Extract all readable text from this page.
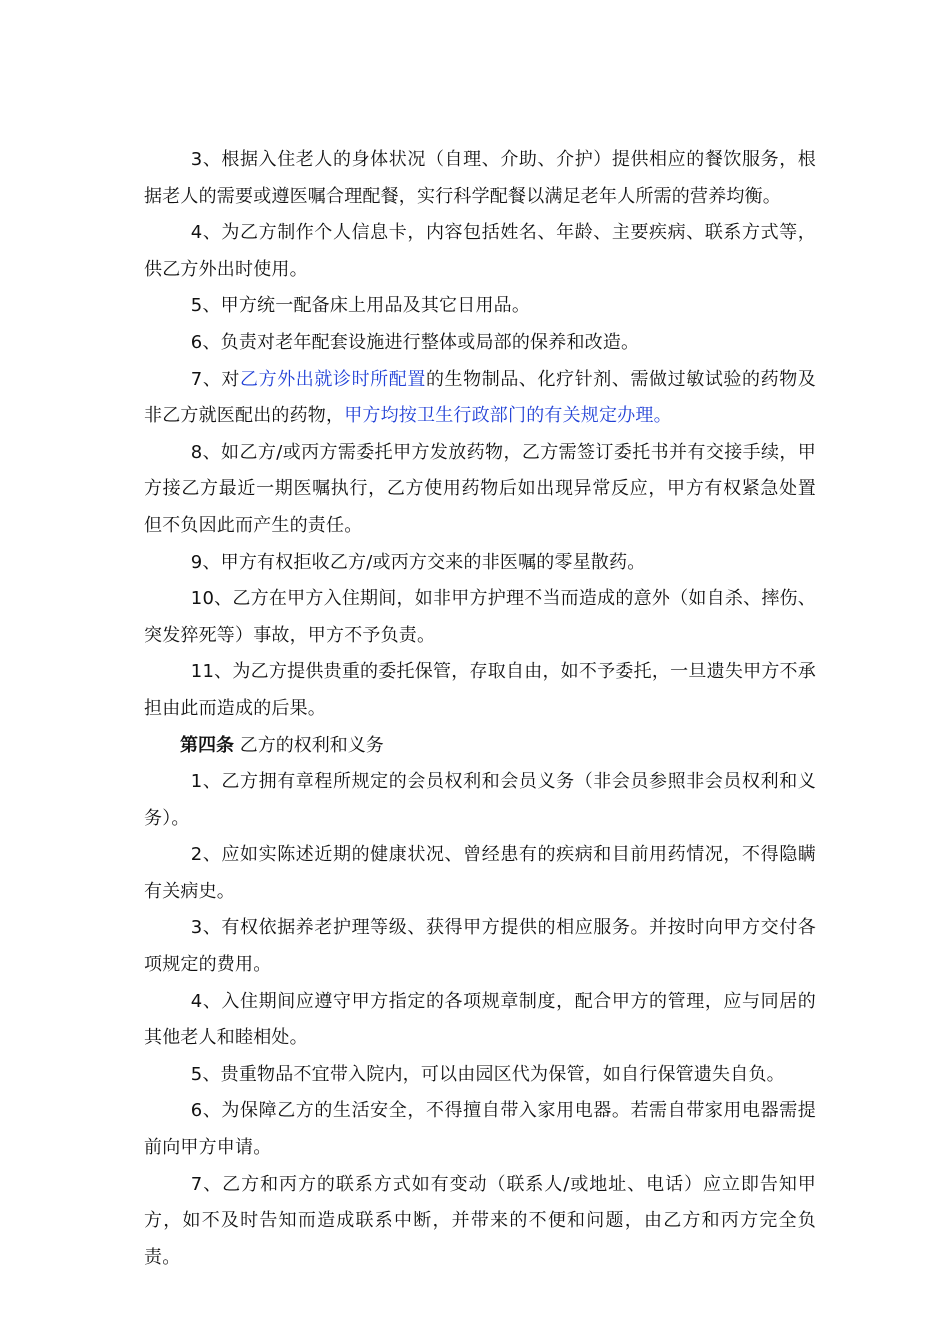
3、根据入住老人的身体状况（自理、介助、介护）提供相应的餐饮服务，根据老人的需要或遵医嘱合理配餐，实行科学配餐以满足老年人所需的营养均衡。

4、为乙方制作个人信息卡，内容包括姓名、年龄、主要疾病、联系方式等，供乙方外出时使用。

5、甲方统一配备床上用品及其它日用品。

6、负责对老年配套设施进行整体或局部的保养和改造。

7、对乙方外出就诊时所配置的生物制品、化疗针剂、需做过敏试验的药物及非乙方就医配出的药物，甲方均按卫生行政部门的有关规定办理。

8、如乙方/或丙方需委托甲方发放药物，乙方需签订委托书并有交接手续，甲方接乙方最近一期医嘱执行，乙方使用药物后如出现异常反应，甲方有权紧急处置但不负因此而产生的责任。

9、甲方有权拒收乙方/或丙方交来的非医嘱的零星散药。

10、乙方在甲方入住期间，如非甲方护理不当而造成的意外（如自杀、摔伤、突发猝死等）事故，甲方不予负责。

11、为乙方提供贵重的委托保管，存取自由，如不予委托，一旦遗失甲方不承担由此而造成的后果。

第四条 乙方的权利和义务

1、乙方拥有章程所规定的会员权利和会员义务（非会员参照非会员权利和义务）。

2、应如实陈述近期的健康状况、曾经患有的疾病和目前用药情况，不得隐瞒有关病史。

3、有权依据养老护理等级、获得甲方提供的相应服务。并按时向甲方交付各项规定的费用。

4、入住期间应遵守甲方指定的各项规章制度，配合甲方的管理，应与同居的其他老人和睦相处。

5、贵重物品不宜带入院内，可以由园区代为保管，如自行保管遗失自负。

6、为保障乙方的生活安全，不得擅自带入家用电器。若需自带家用电器需提前向甲方申请。

7、乙方和丙方的联系方式如有变动（联系人/或地址、电话）应立即告知甲方，如不及时告知而造成联系中断，并带来的不便和问题，由乙方和丙方完全负责。
